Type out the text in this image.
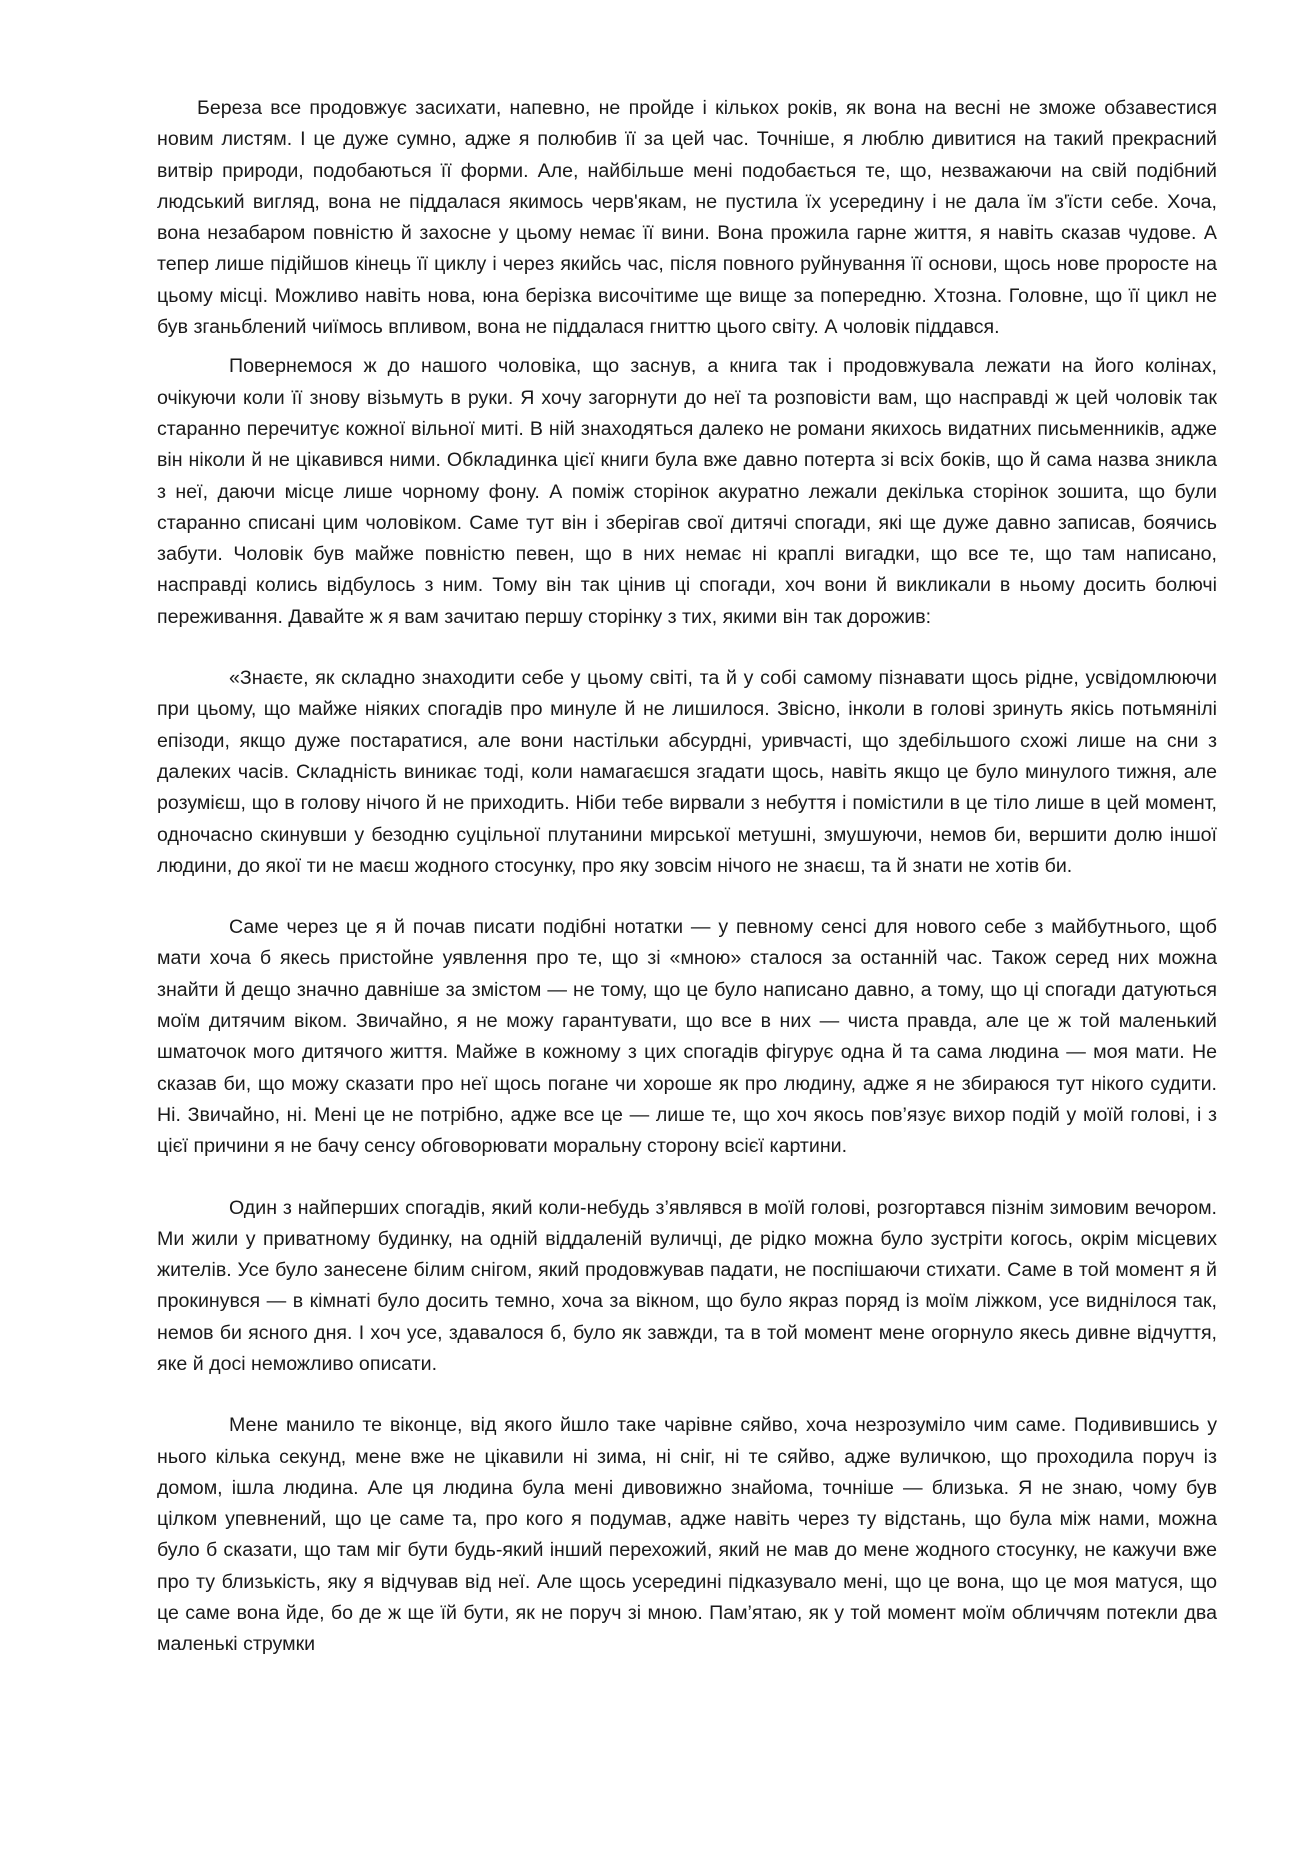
Береза все продовжує засихати, напевно, не пройде і кількох років, як вона на весні не зможе обзавестися новим листям. І це дуже сумно, адже я полюбив її за цей час. Точніше, я люблю дивитися на такий прекрасний витвір природи, подобаються її форми. Але, найбільше мені подобається те, що, незважаючи на свій подібний людський вигляд, вона не піддалася якимось черв'якам, не пустила їх усередину і не дала їм з'їсти себе. Хоча, вона незабаром повністю й захосне у цьому немає її вини. Вона прожила гарне життя, я навіть сказав чудове. А тепер лише підійшов кінець її циклу і через якийсь час, після повного руйнування її основи, щось нове проросте на цьому місці. Можливо навіть нова, юна берізка височітиме ще вище за попередню. Хтозна. Головне, що її цикл не був зганьблений чиїмось впливом, вона не піддалася гниттю цього світу. А чоловік піддався.

Повернемося ж до нашого чоловіка, що заснув, а книга так і продовжувала лежати на його колінах, очікуючи коли її знову візьмуть в руки. Я хочу загорнути до неї та розповісти вам, що насправді ж цей чоловік так старанно перечитує кожної вільної миті. В ній знаходяться далеко не романи якихось видатних письменників, адже він ніколи й не цікавився ними. Обкладинка цієї книги була вже давно потерта зі всіх боків, що й сама назва зникла з неї, даючи місце лише чорному фону. А поміж сторінок акуратно лежали декілька сторінок зошита, що були старанно списані цим чоловіком. Саме тут він і зберігав свої дитячі спогади, які ще дуже давно записав, боячись забути. Чоловік був майже повністю певен, що в них немає ні краплі вигадки, що все те, що там написано, насправді колись відбулось з ним. Тому він так цінив ці спогади, хоч вони й викликали в ньому досить болючі переживання. Давайте ж я вам зачитаю першу сторінку з тих, якими він так дорожив:

«Знаєте, як складно знаходити себе у цьому світі, та й у собі самому пізнавати щось рідне, усвідомлюючи при цьому, що майже ніяких спогадів про минуле й не лишилося. Звісно, інколи в голові зринуть якісь потьмянілі епізоди, якщо дуже постаратися, але вони настільки абсурдні, уривчасті, що здебільшого схожі лише на сни з далеких часів. Складність виникає тоді, коли намагаєшся згадати щось, навіть якщо це було минулого тижня, але розумієш, що в голову нічого й не приходить. Ніби тебе вирвали з небуття і помістили в це тіло лише в цей момент, одночасно скинувши у безодню суцільної плутанини мирської метушні, змушуючи, немов би, вершити долю іншої людини, до якої ти не маєш жодного стосунку, про яку зовсім нічого не знаєш, та й знати не хотів би.

Саме через це я й почав писати подібні нотатки — у певному сенсі для нового себе з майбутнього, щоб мати хоча б якесь пристойне уявлення про те, що зі «мною» сталося за останній час. Також серед них можна знайти й дещо значно давніше за змістом — не тому, що це було написано давно, а тому, що ці спогади датуються моїм дитячим віком. Звичайно, я не можу гарантувати, що все в них — чиста правда, але це ж той маленький шматочок мого дитячого життя. Майже в кожному з цих спогадів фігурує одна й та сама людина — моя мати. Не сказав би, що можу сказати про неї щось погане чи хороше як про людину, адже я не збираюся тут нікого судити. Ні. Звичайно, ні. Мені це не потрібно, адже все це — лише те, що хоч якось пов’язує вихор подій у моїй голові, і з цієї причини я не бачу сенсу обговорювати моральну сторону всієї картини.

Один з найперших спогадів, який коли-небудь з’являвся в моїй голові, розгортався пізнім зимовим вечором. Ми жили у приватному будинку, на одній віддаленій вуличці, де рідко можна було зустріти когось, окрім місцевих жителів. Усе було занесене білим снігом, який продовжував падати, не поспішаючи стихати. Саме в той момент я й прокинувся — в кімнаті було досить темно, хоча за вікном, що було якраз поряд із моїм ліжком, усе виднілося так, немов би ясного дня. І хоч усе, здавалося б, було як завжди, та в той момент мене огорнуло якесь дивне відчуття, яке й досі неможливо описати.

Мене манило те віконце, від якого йшло таке чарівне сяйво, хоча незрозуміло чим саме. Подивившись у нього кілька секунд, мене вже не цікавили ні зима, ні сніг, ні те сяйво, адже вуличкою, що проходила поруч із домом, ішла людина. Але ця людина була мені дивовижно знайома, точніше — близька. Я не знаю, чому був цілком упевнений, що це саме та, про кого я подумав, адже навіть через ту відстань, що була між нами, можна було б сказати, що там міг бути будь-який інший перехожий, який не мав до мене жодного стосунку, не кажучи вже про ту близькість, яку я відчував від неї. Але щось усередині підказувало мені, що це вона, що це моя матуся, що це саме вона йде, бо де ж ще їй бути, як не поруч зі мною. Пам’ятаю, як у той момент моїм обличчям потекли два маленькі струмки
